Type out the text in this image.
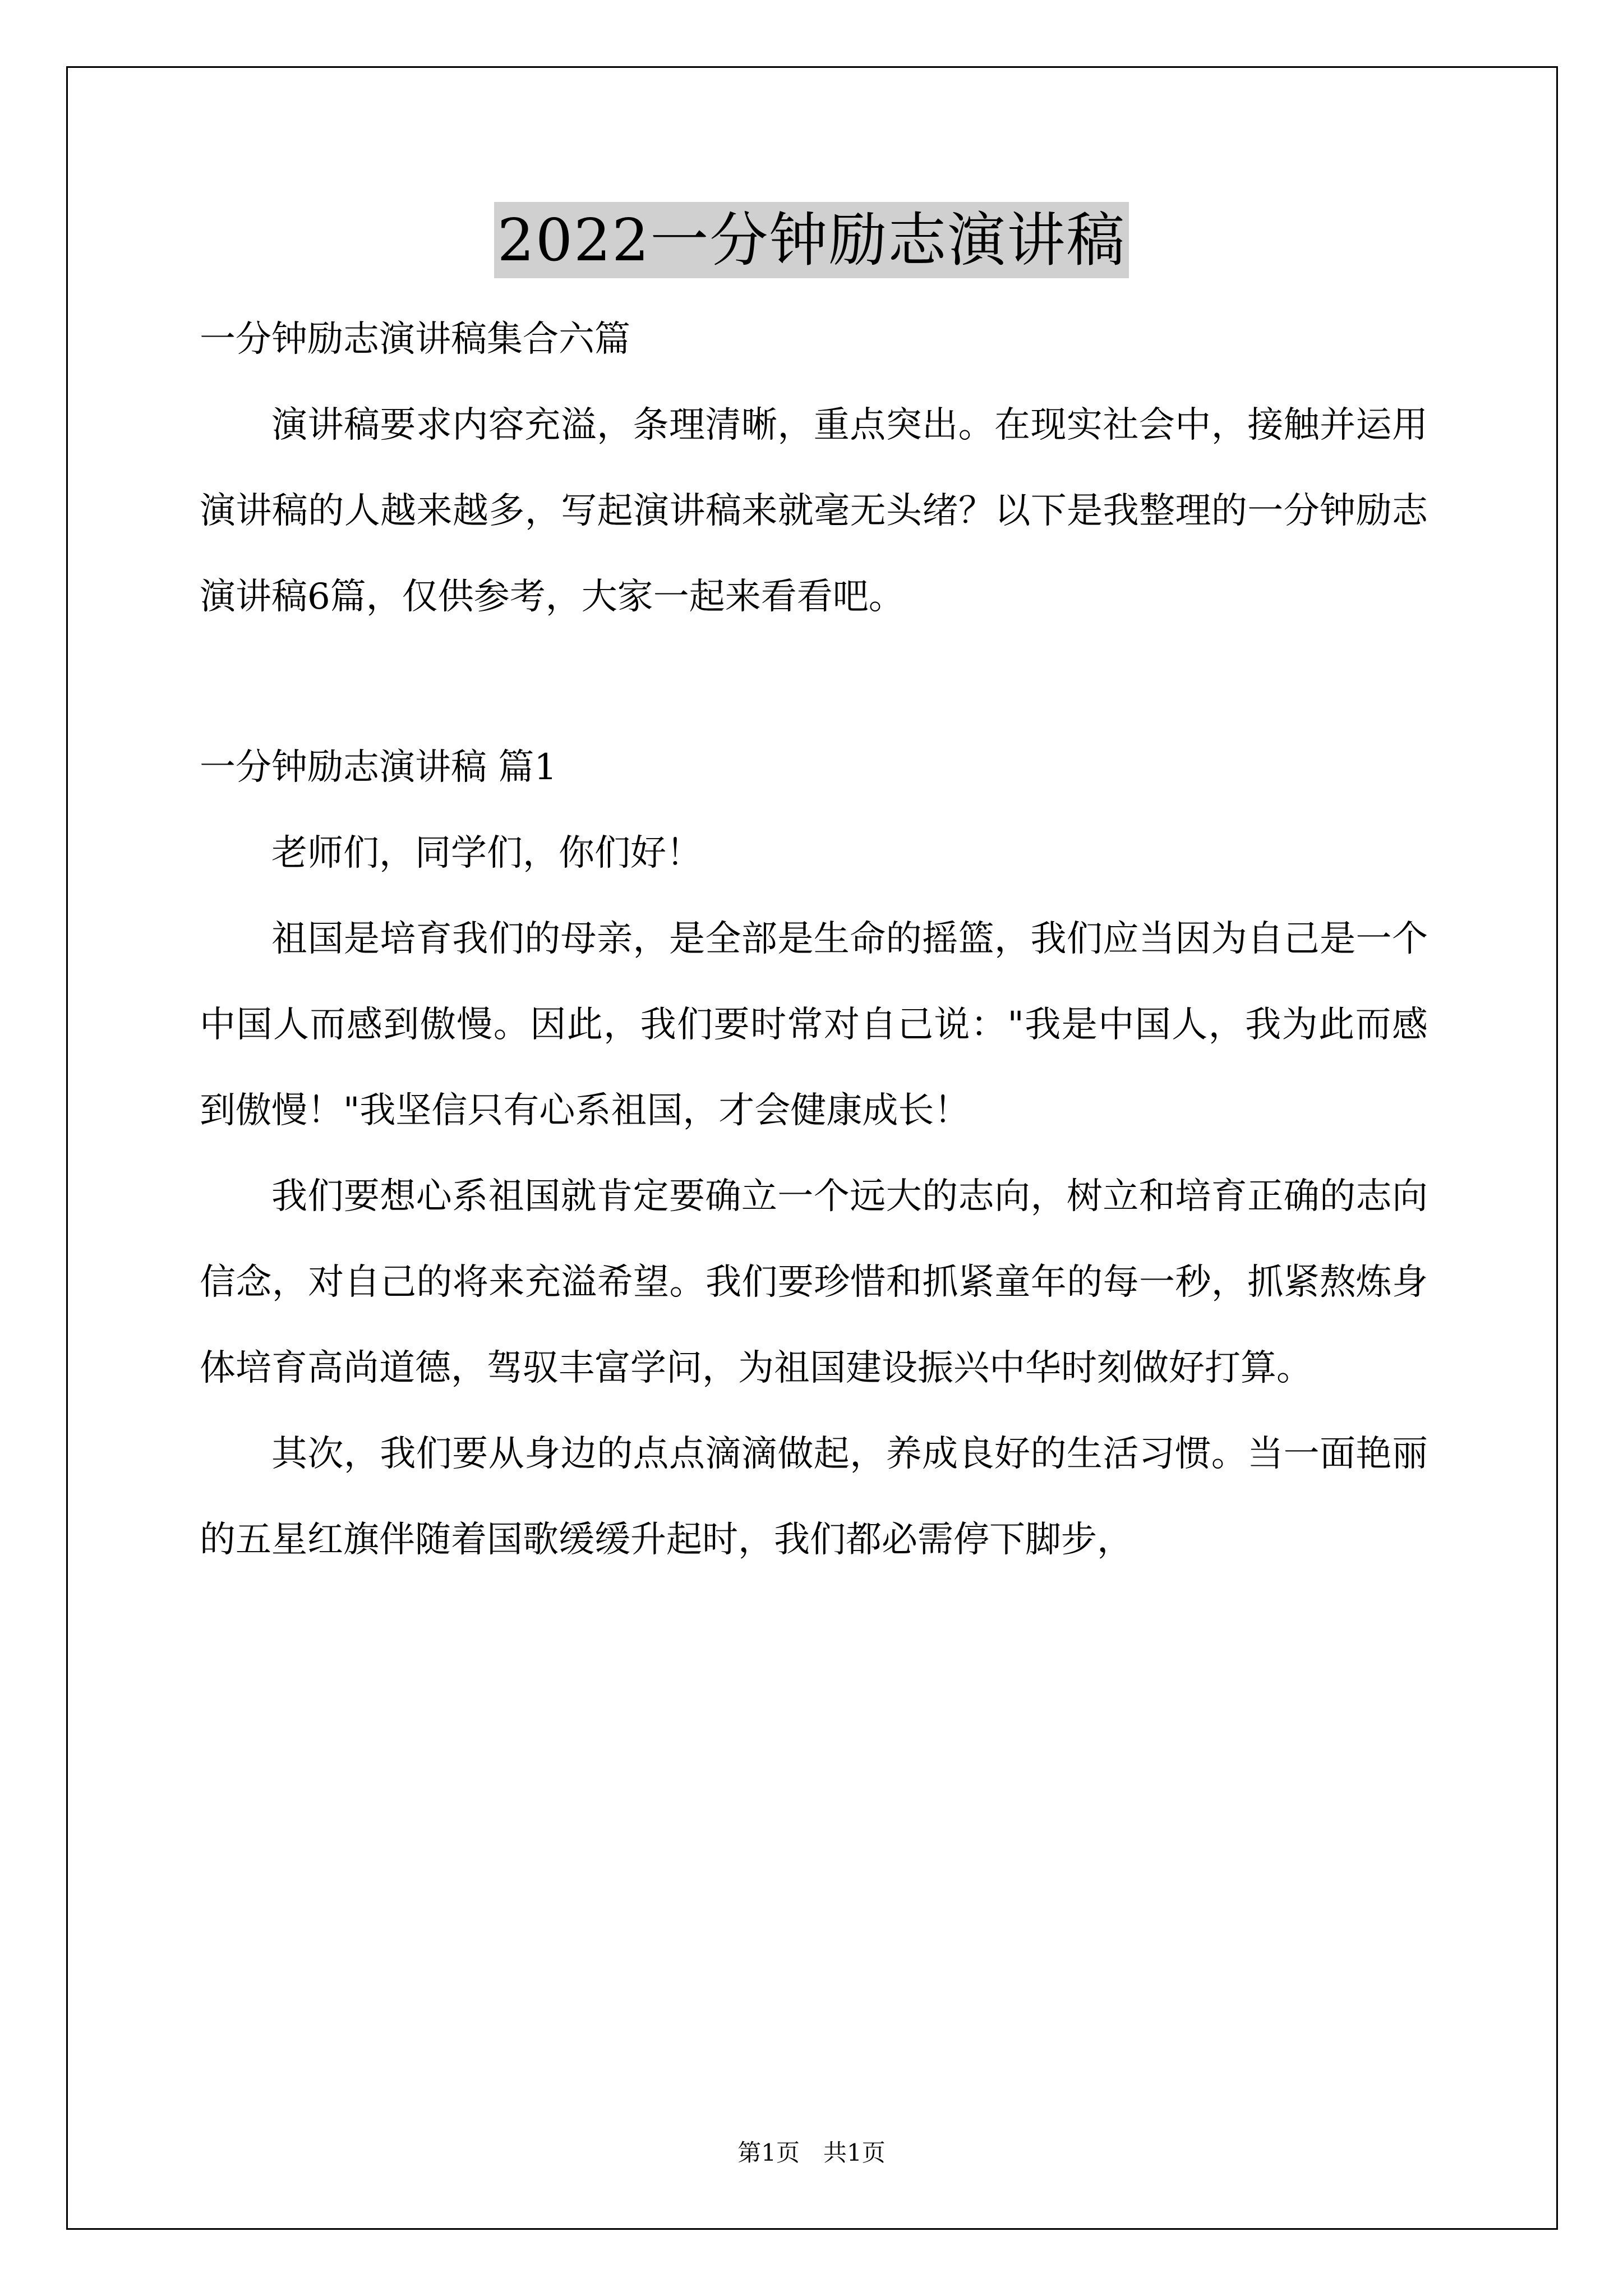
2022一分钟励志演讲稿
一分钟励志演讲稿集合六篇

演讲稿要求内容充溢，条理清晰，重点突出。在现实社会中，接触并运用演讲稿的人越来越多，写起演讲稿来就毫无头绪？以下是我整理的一分钟励志演讲稿6篇，仅供参考，大家一起来看看吧。

一分钟励志演讲稿 篇1

老师们，同学们，你们好！

祖国是培育我们的母亲，是全部是生命的摇篮，我们应当因为自己是一个中国人而感到傲慢。因此，我们要时常对自己说："我是中国人，我为此而感到傲慢！"我坚信只有心系祖国，才会健康成长！

我们要想心系祖国就肯定要确立一个远大的志向，树立和培育正确的志向信念，对自己的将来充溢希望。我们要珍惜和抓紧童年的每一秒，抓紧熬炼身体培育高尚道德，驾驭丰富学问，为祖国建设振兴中华时刻做好打算。

其次，我们要从身边的点点滴滴做起，养成良好的生活习惯。当一面艳丽的五星红旗伴随着国歌缓缓升起时，我们都必需停下脚步，

第1页　共1页
